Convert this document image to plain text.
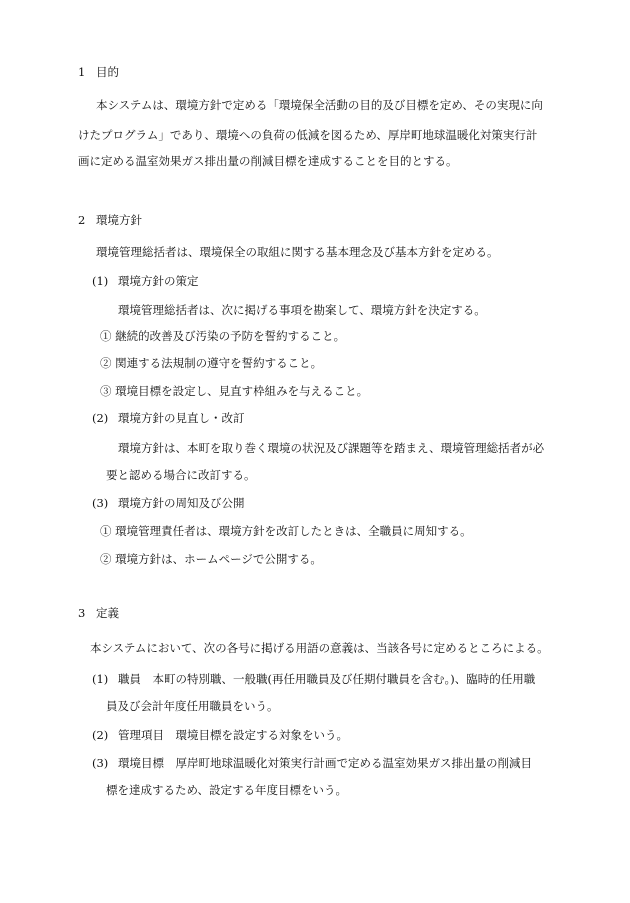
1 目的
本システムは、環境方針で定める「環境保全活動の目的及び目標を定め、その実現に向
けたプログラム」であり、環境への負荷の低減を図るため、厚岸町地球温暖化対策実行計
画に定める温室効果ガス排出量の削減目標を達成することを目的とする。
2 環境方針
環境管理総括者は、環境保全の取組に関する基本理念及び基本方針を定める。
(1) 環境方針の策定
環境管理総括者は、次に掲げる事項を勘案して、環境方針を決定する。
① 継続的改善及び汚染の予防を誓約すること。
② 関連する法規制の遵守を誓約すること。
③ 環境目標を設定し、見直す枠組みを与えること。
(2) 環境方針の見直し・改訂
環境方針は、本町を取り巻く環境の状況及び課題等を踏まえ、環境管理総括者が必
要と認める場合に改訂する。
(3) 環境方針の周知及び公開
① 環境管理責任者は、環境方針を改訂したときは、全職員に周知する。
② 環境方針は、ホームページで公開する。
3 定義
本システムにおいて、次の各号に掲げる用語の意義は、当該各号に定めるところによる。
(1) 職員　本町の特別職、一般職(再任用職員及び任期付職員を含む。)、臨時的任用職
員及び会計年度任用職員をいう。
(2) 管理項目　環境目標を設定する対象をいう。
(3) 環境目標　厚岸町地球温暖化対策実行計画で定める温室効果ガス排出量の削減目
標を達成するため、設定する年度目標をいう。
